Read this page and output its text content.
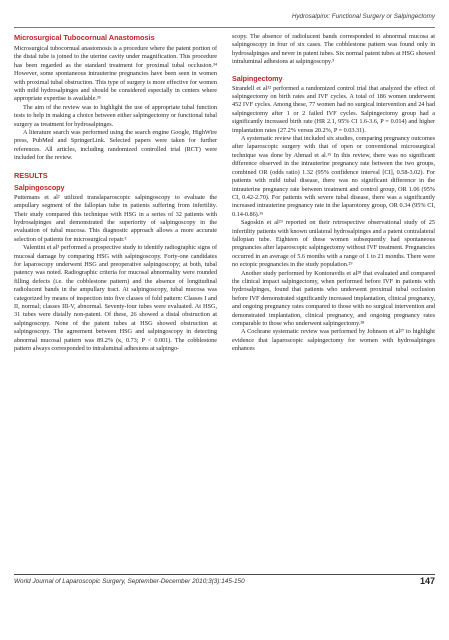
Hydrosalpinx: Functional Surgery or Salpingectomy
Microsurgical Tubocornual Anastomosis

Microsurgical tubocornual anastomosis is a procedure where the patent portion of the distal tube is joined to the uterine cavity under magnification. This procedure has been regarded as the standard treatment for proximal tubal occlusion.³⁴ However, some spontaneous intrauterine pregnancies have been seen in women with proximal tubal obstruction. This type of surgery is more effective for women with mild hydrosalpinges and should be considered especially in centers where appropriate expertise is available.³⁵

The aim of the review was to highlight the use of appropriate tubal function tests to help in making a choice between either salpingectomy or functional tubal surgery as treatment for hydrosalpinges.

A literature search was performed using the search engine Google, HighWire press, PubMed and SpringerLink. Selected papers were taken for further references. All articles, including randomized controlled trial (RCT) were included for the review.

RESULTS
Salpingoscopy

Puttemans et al² utilized translaparoscopic salpingoscopy to evaluate the ampullary segment of the fallopian tube in patients suffering from infertility. Their study compared this technique with HSG in a series of 32 patients with hydrosalpinges and demonstrated the superiority of salpingoscopy in the evaluation of tubal mucosa. This diagnostic approach allows a more accurate selection of patients for microsurgical repair.³

Valentini et al³ performed a prospective study to identify radiographic signs of mucosal damage by comparing HSG with salpingoscopy. Forty-one candidates for laparoscopy underwent HSG and preoperative salpingoscopy; at both, tubal patency was noted. Radiographic criteria for mucosal abnormality were rounded filling defects (i.e. the cobblestone pattern) and the absence of longitudinal radiolucent bands in the ampullary tract. At salpingoscopy, tubal mucosa was categorized by means of inspection into five classes of fold pattern: Classes I and II, normal; classes III-V, abnormal. Seventy-four tubes were evaluated. At HSG, 31 tubes were distally non-patent. Of these, 26 showed a distal obstruction at salpingoscopy. None of the patent tubes at HSG showed obstruction at salpingoscopy. The agreement between HSG and salpingoscopy in detecting abnormal mucosal pattern was 89.2% (κ, 0.73; P < 0.001). The cobblestone pattern always corresponded to intraluminal adhesions at salpingo-

scopy. The absence of radiolucent bands corresponded to abnormal mucosa at salpingoscopy in four of six cases. The cobblestone pattern was found only in hydrosalpinges and never in patent tubes. Six normal patent tubes at HSG showed intraluminal adhesions at salpingoscopy.³

Salpingectomy

Strandell et al³² performed a randomized control trial that analyzed the effect of salpingectomy on birth rates and IVF cycles. A total of 186 women underwent 452 IVF cycles. Among these, 77 women had no surgical intervention and 24 had salpingectomy after 1 or 2 failed IVF cycles. Salpingectomy group had a significantly increased birth rate (HR 2.1, 95% CI 1.6-3.6, P = 0.014) and higher implantation rates (27.2% versus 20.2%, P = 0.03.31).

A systematic review that included six studies, comparing pregnancy outcomes after laparoscopic surgery with that of open or conventional microsurgical technique was done by Ahmad et al.¹⁵ In this review, there was no significant difference observed in the intrauterine pregnancy rate between the two groups, combined OR (odds ratio) 1.32 (95% confidence interval [CI], 0.58-3.02). For patients with mild tubal disease, there was no significant difference in the intrauterine pregnancy rate between treatment and control group, OR 1.06 (95% CI, 0.42-2.70). For patients with severe tubal disease, there was a significantly increased intrauterine pregnancy rate in the laparotomy group, OR 0.34 (95% CI, 0.14-0.86).¹⁵

Sagoskin et al²⁹ reported on their retrospective observational study of 25 infertility patients with known unilateral hydrosalpinges and a patent contralateral fallopian tube. Eighteen of these women subsequently had spontaneous pregnancies after laparoscopic salpingectomy without IVF treatment. Pregnancies occurred in an average of 5.6 months with a range of 1 to 21 months. There were no ectopic pregnancies in the study population.²⁹

Another study performed by Kontoravdis et al²⁸ that evaluated and compared the clinical impact salpingectomy, when performed before IVF in patients with hydrosalpinges, found that patients who underwent proximal tubal occlusion before IVF demonstrated significantly increased implantation, clinical pregnancy, and ongoing pregnancy rates compared to those with no surgical intervention and demonstrated implantation, clinical pregnancy, and ongoing pregnancy rates comparable to those who underwent salpingectomy.²⁸

A Cochrane systematic review was performed by Johnson et al²⁷ to highlight evidence that laparoscopic salpingectomy for women with hydrosalpinges enhances

World Journal of Laparoscopic Surgery, September-December 2010;3(3):145-150	147
